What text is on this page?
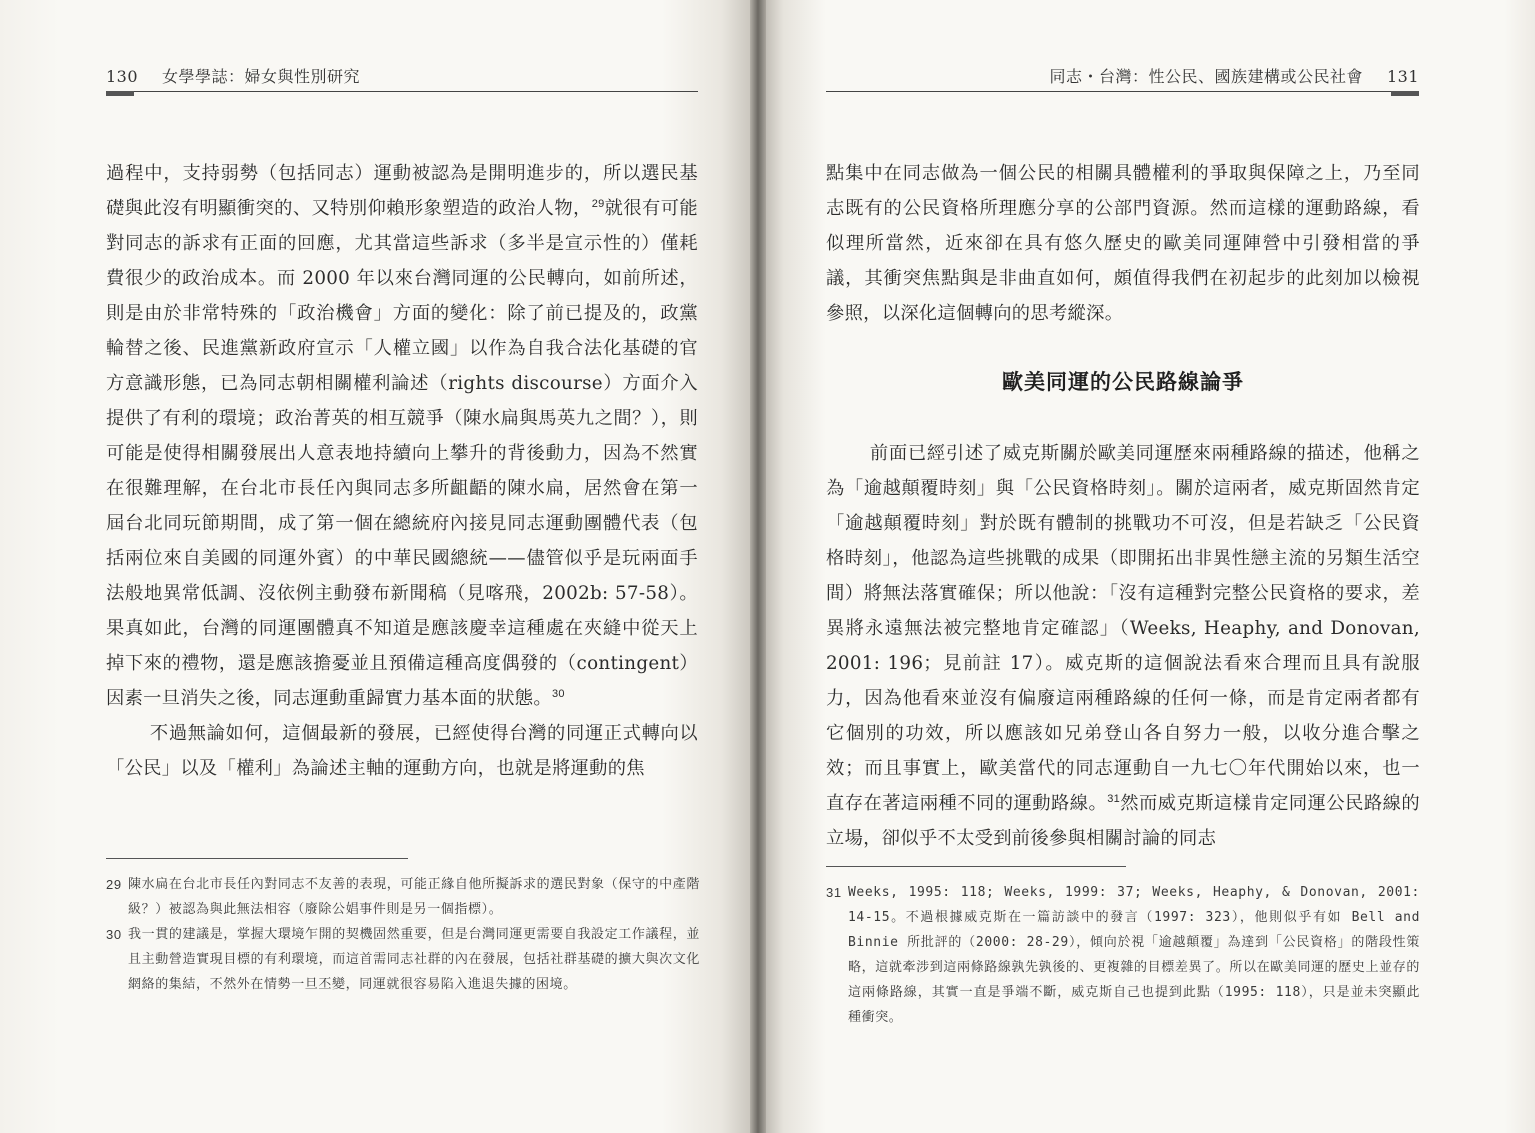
130 女學學誌：婦女與性別研究

過程中，支持弱勢（包括同志）運動被認為是開明進步的，所以選民基礎與此沒有明顯衝突的、又特別仰賴形象塑造的政治人物，$^{29}$就很有可能對同志的訴求有正面的回應，尤其當這些訴求（多半是宣示性的）僅耗費很少的政治成本。而 2000 年以來台灣同運的公民轉向，如前所述，則是由於非常特殊的「政治機會」方面的變化：除了前已提及的，政黨輪替之後、民進黨新政府宣示「人權立國」以作為自我合法化基礎的官方意識形態，已為同志朝相關權利論述（rights discourse）方面介入提供了有利的環境；政治菁英的相互競爭（陳水扁與馬英九之間？），則可能是使得相關發展出人意表地持續向上攀升的背後動力，因為不然實在很難理解，在台北市長任內與同志多所齟齬的陳水扁，居然會在第一屆台北同玩節期間，成了第一個在總統府內接見同志運動團體代表（包括兩位來自美國的同運外賓）的中華民國總統——儘管似乎是玩兩面手法般地異常低調、沒依例主動發布新聞稿（見喀飛，2002b: 57-58）。果真如此，台灣的同運團體真不知道是應該慶幸這種處在夾縫中從天上掉下來的禮物，還是應該擔憂並且預備這種高度偶發的（contingent）因素一旦消失之後，同志運動重歸實力基本面的狀態。$^{30}$

不過無論如何，這個最新的發展，已經使得台灣的同運正式轉向以「公民」以及「權利」為論述主軸的運動方向，也就是將運動的焦

29 陳水扁在台北市長任內對同志不友善的表現，可能正緣自他所擬訴求的選民對象（保守的中產階級？）被認為與此無法相容（廢除公娼事件則是另一個指標）。
30 我一貫的建議是，掌握大環境乍開的契機固然重要，但是台灣同運更需要自我設定工作議程，並且主動營造實現目標的有利環境，而這首需同志社群的內在發展，包括社群基礎的擴大與次文化網絡的集結，不然外在情勢一旦丕變，同運就很容易陷入進退失據的困境。
同志・台灣：性公民、國族建構或公民社會 131

點集中在同志做為一個公民的相關具體權利的爭取與保障之上，乃至同志既有的公民資格所理應分享的公部門資源。然而這樣的運動路線，看似理所當然，近來卻在具有悠久歷史的歐美同運陣營中引發相當的爭議，其衝突焦點與是非曲直如何，頗值得我們在初起步的此刻加以檢視參照，以深化這個轉向的思考縱深。

歐美同運的公民路線論爭

前面已經引述了威克斯關於歐美同運歷來兩種路線的描述，他稱之為「逾越顛覆時刻」與「公民資格時刻」。關於這兩者，威克斯固然肯定「逾越顛覆時刻」對於既有體制的挑戰功不可沒，但是若缺乏「公民資格時刻」，他認為這些挑戰的成果（即開拓出非異性戀主流的另類生活空間）將無法落實確保；所以他說：「沒有這種對完整公民資格的要求，差異將永遠無法被完整地肯定確認」（Weeks, Heaphy, and Donovan, 2001: 196；見前註 17）。威克斯的這個說法看來合理而且具有說服力，因為他看來並沒有偏廢這兩種路線的任何一條，而是肯定兩者都有它個別的功效，所以應該如兄弟登山各自努力一般，以收分進合擊之效；而且事實上，歐美當代的同志運動自一九七〇年代開始以來，也一直存在著這兩種不同的運動路線。$^{31}$然而威克斯這樣肯定同運公民路線的立場，卻似乎不太受到前後參與相關討論的同志

31 Weeks, 1995: 118; Weeks, 1999: 37; Weeks, Heaphy, & Donovan, 2001: 14-15。不過根據威克斯在一篇訪談中的發言（1997: 323），他則似乎有如 Bell and Binnie 所批評的（2000: 28-29），傾向於視「逾越顛覆」為達到「公民資格」的階段性策略，這就牽涉到這兩條路線孰先孰後的、更複雜的目標差異了。所以在歐美同運的歷史上並存的這兩條路線，其實一直是爭端不斷，威克斯自己也提到此點（1995: 118），只是並未突顯此種衝突。
